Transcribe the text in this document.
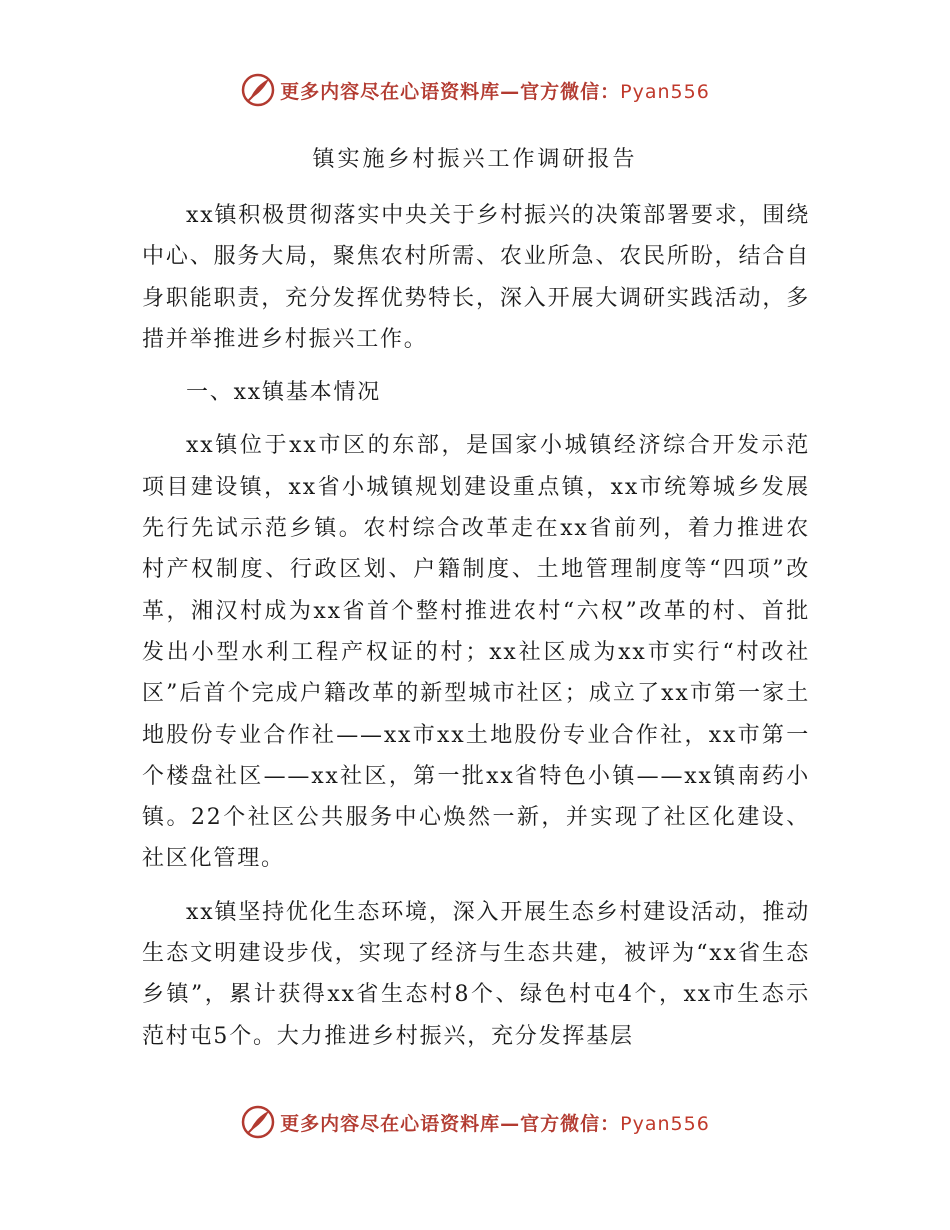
更多内容尽在心语资料库—官方微信：Pyan556
镇实施乡村振兴工作调研报告

xx镇积极贯彻落实中央关于乡村振兴的决策部署要求，围绕中心、服务大局，聚焦农村所需、农业所急、农民所盼，结合自身职能职责，充分发挥优势特长，深入开展大调研实践活动，多措并举推进乡村振兴工作。

一、xx镇基本情况

xx镇位于xx市区的东部，是国家小城镇经济综合开发示范项目建设镇，xx省小城镇规划建设重点镇，xx市统筹城乡发展先行先试示范乡镇。农村综合改革走在xx省前列，着力推进农村产权制度、行政区划、户籍制度、土地管理制度等“四项”改革，湘汉村成为xx省首个整村推进农村“六权”改革的村、首批发出小型水利工程产权证的村；xx社区成为xx市实行“村改社区”后首个完成户籍改革的新型城市社区；成立了xx市第一家土地股份专业合作社——xx市xx土地股份专业合作社，xx市第一个楼盘社区——xx社区，第一批xx省特色小镇——xx镇南药小镇。22个社区公共服务中心焕然一新，并实现了社区化建设、社区化管理。

xx镇坚持优化生态环境，深入开展生态乡村建设活动，推动生态文明建设步伐，实现了经济与生态共建，被评为“xx省生态乡镇”，累计获得xx省生态村8个、绿色村屯4个，xx市生态示范村屯5个。大力推进乡村振兴，充分发挥基层

更多内容尽在心语资料库—官方微信：Pyan556
